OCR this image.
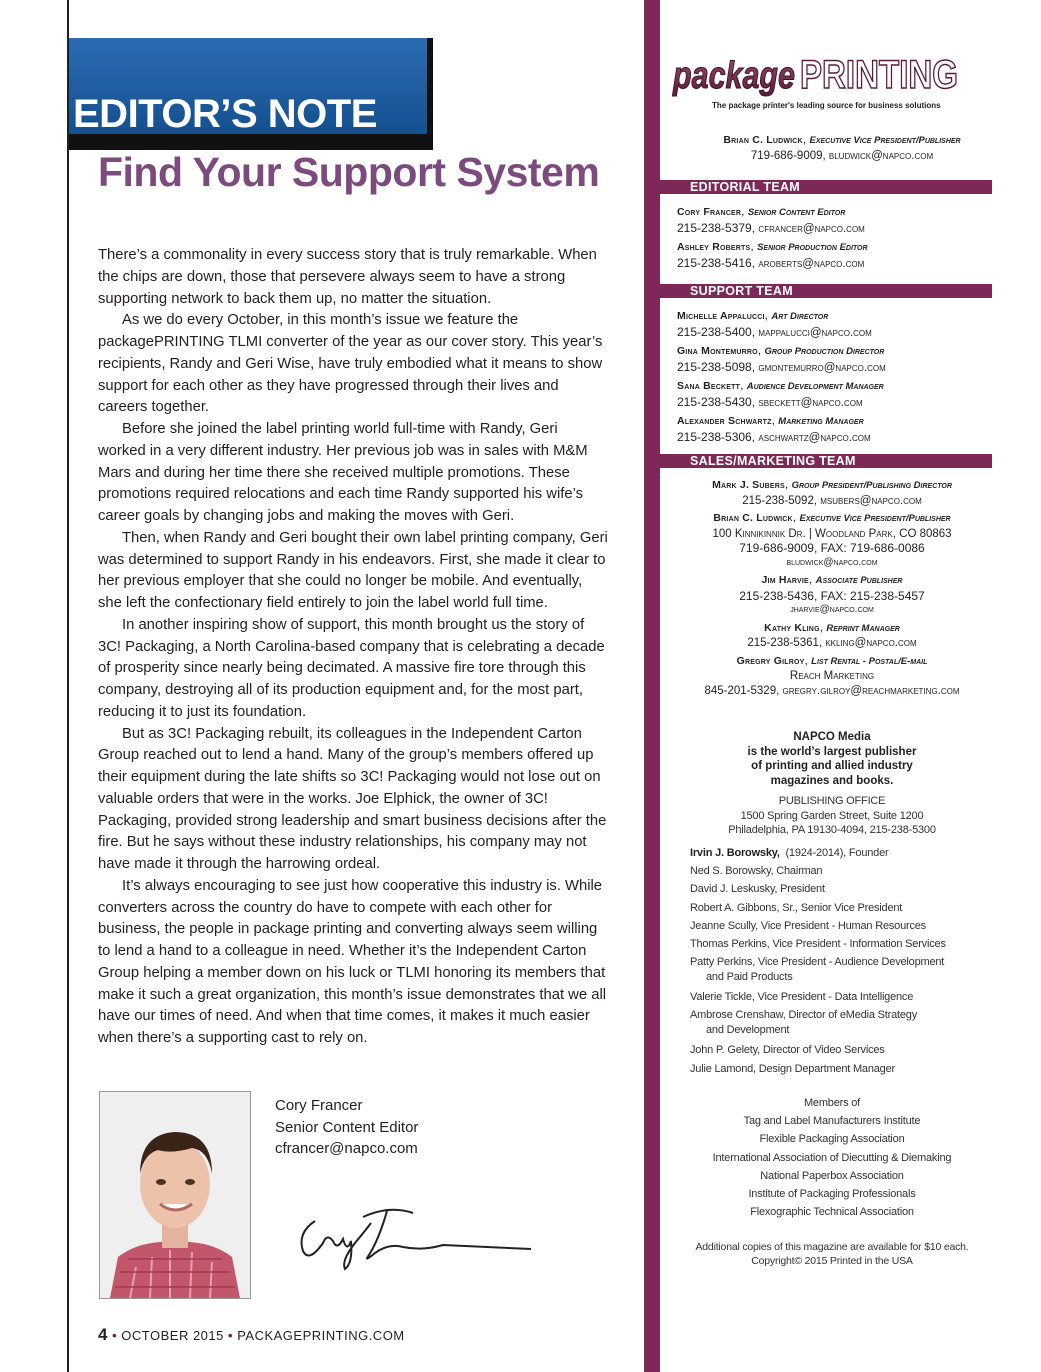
EDITOR’S NOTE
Find Your Support System

There’s a commonality in every success story that is truly remarkable. When the chips are down, those that persevere always seem to have a strong supporting network to back them up, no matter the situation.

As we do every October, in this month’s issue we feature the packagePRINTING TLMI converter of the year as our cover story. This year’s recipients, Randy and Geri Wise, have truly embodied what it means to show support for each other as they have progressed through their lives and careers together.

Before she joined the label printing world full-time with Randy, Geri worked in a very different industry. Her previous job was in sales with M&M Mars and during her time there she received multiple promotions. These promotions required relocations and each time Randy supported his wife’s career goals by changing jobs and making the moves with Geri.

Then, when Randy and Geri bought their own label printing company, Geri was determined to support Randy in his endeavors. First, she made it clear to her previous employer that she could no longer be mobile. And eventually, she left the confectionary field entirely to join the label world full time.

In another inspiring show of support, this month brought us the story of 3C! Packaging, a North Carolina-based company that is celebrating a decade of prosperity since nearly being decimated. A massive fire tore through this company, destroying all of its production equipment and, for the most part, reducing it to just its foundation.

But as 3C! Packaging rebuilt, its colleagues in the Independent Carton Group reached out to lend a hand. Many of the group’s members offered up their equipment during the late shifts so 3C! Packaging would not lose out on valuable orders that were in the works. Joe Elphick, the owner of 3C! Packaging, provided strong leadership and smart business decisions after the fire. But he says without these industry relationships, his company may not have made it through the harrowing ordeal.

It’s always encouraging to see just how cooperative this industry is. While converters across the country do have to compete with each other for business, the people in package printing and converting always seem willing to lend a hand to a colleague in need. Whether it’s the Independent Carton Group helping a member down on his luck or TLMI honoring its members that make it such a great organization, this month’s issue demonstrates that we all have our times of need. And when that time comes, it makes it much easier when there’s a supporting cast to rely on.

Cory Francer
Senior Content Editor
cfrancer@napco.com
4 • OCTOBER 2015 • PACKAGEPRINTING.COM
package PRINTING
The package printer's leading source for business solutions
Brian C. Ludwick, Executive Vice President/Publisher
719-686-9009, bludwick@napco.com
EDITORIAL TEAM
Cory Francer, Senior Content Editor
215-238-5379, cfrancer@napco.com
Ashley Roberts, Senior Production Editor
215-238-5416, aroberts@napco.com
SUPPORT TEAM
Michelle Appalucci, Art Director
215-238-5400, mappalucci@napco.com
Gina Montemurro, Group Production Director
215-238-5098, gmontemurro@napco.com
Sana Beckett, Audience Development Manager
215-238-5430, sbeckett@napco.com
Alexander Schwartz, Marketing Manager
215-238-5306, aschwartz@napco.com
SALES/MARKETING TEAM
Mark J. Subers, Group President/Publishing Director
215-238-5092, msubers@napco.com
Brian C. Ludwick, Executive Vice President/Publisher
100 Kinnikinnik Dr. | Woodland Park, CO 80863
719-686-9009, FAX: 719-686-0086
bludwick@napco.com
Jim Harvie, Associate Publisher
215-238-5436, FAX: 215-238-5457
jharvie@napco.com
Kathy Kling, Reprint Manager
215-238-5361, kkling@napco.com
Gregry Gilroy, List Rental - Postal/E-mail
Reach Marketing
845-201-5329, gregry.gilroy@reachmarketing.com
NAPCO Media
is the world’s largest publisher
of printing and allied industry
magazines and books.
PUBLISHING OFFICE
1500 Spring Garden Street, Suite 1200
Philadelphia, PA 19130-4094, 215-238-5300
Irvin J. Borowsky, (1924-2014), Founder
Ned S. Borowsky, Chairman
David J. Leskusky, President
Robert A. Gibbons, Sr., Senior Vice President
Jeanne Scully, Vice President - Human Resources
Thomas Perkins, Vice President - Information Services
Patty Perkins, Vice President - Audience Development
and Paid Products
Valerie Tickle, Vice President - Data Intelligence
Ambrose Crenshaw, Director of eMedia Strategy
and Development
John P. Gelety, Director of Video Services
Julie Lamond, Design Department Manager
Members of
Tag and Label Manufacturers Institute
Flexible Packaging Association
International Association of Diecutting & Diemaking
National Paperbox Association
Institute of Packaging Professionals
Flexographic Technical Association
Additional copies of this magazine are available for $10 each.
Copyright© 2015 Printed in the USA
